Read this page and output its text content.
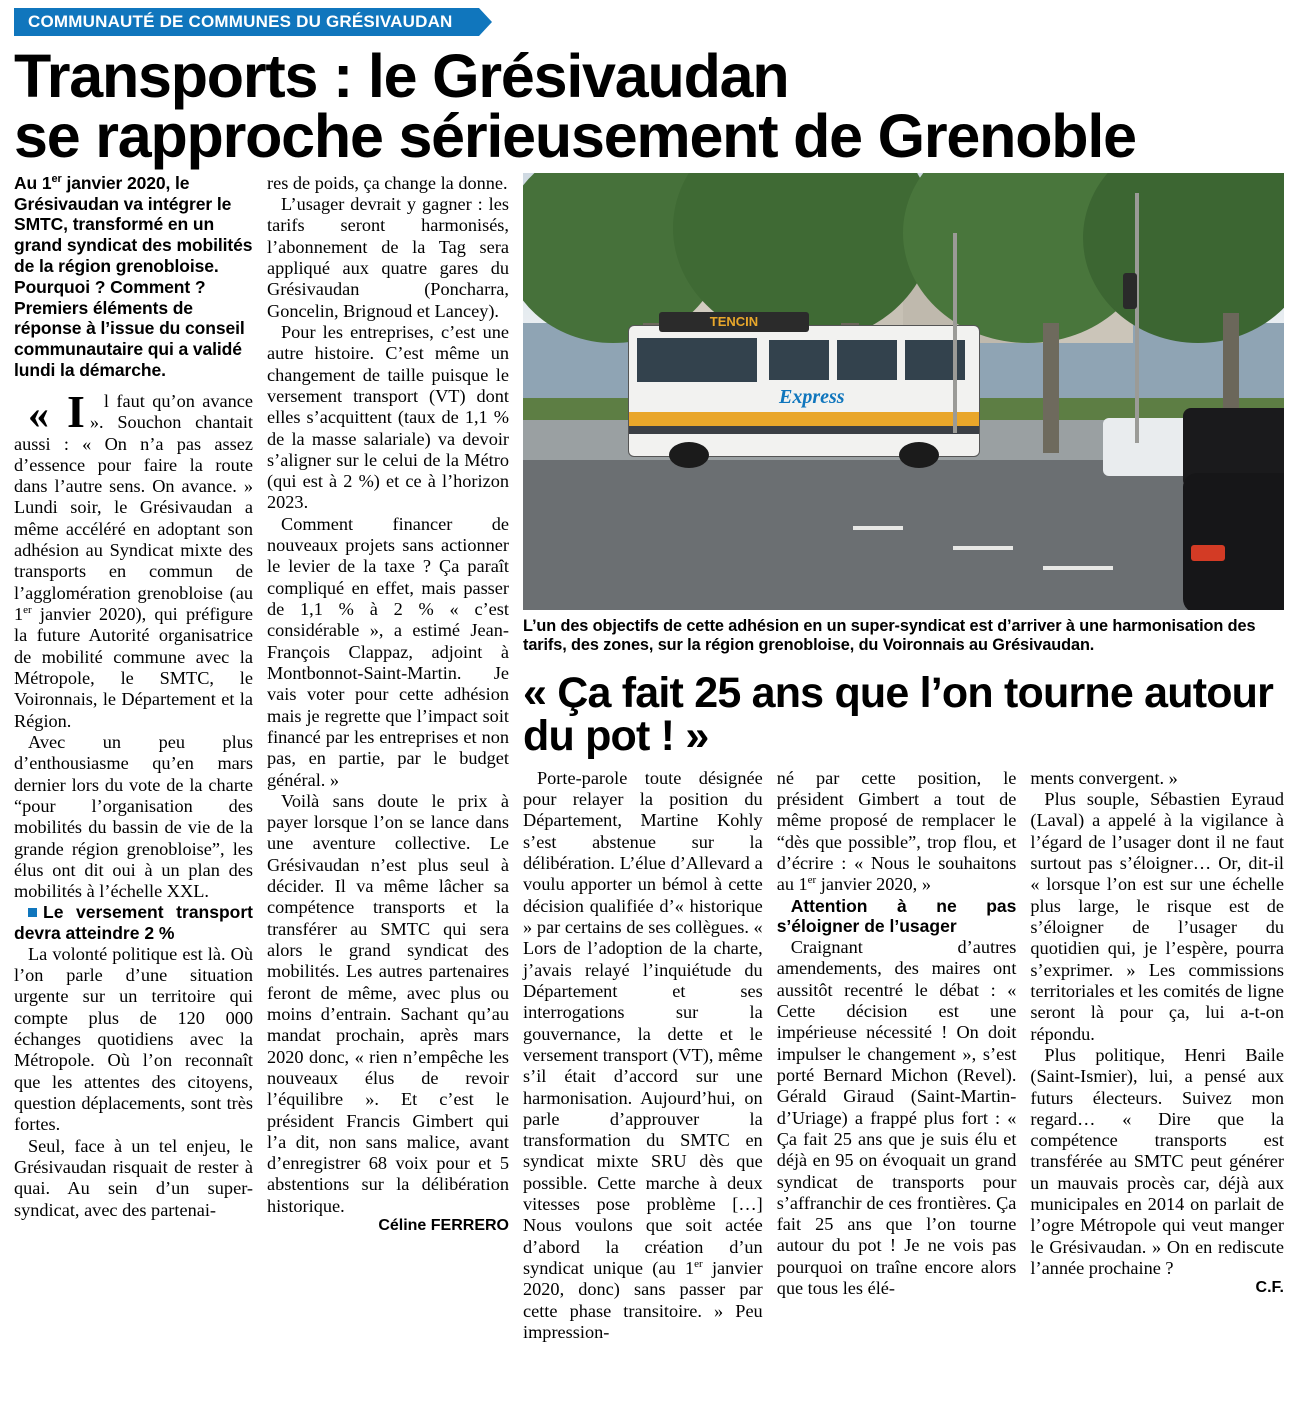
COMMUNAUTÉ DE COMMUNES DU GRÉSIVAUDAN
Transports : le Grésivaudan
se rapproche sérieusement de Grenoble
Au 1er janvier 2020, le Grésivaudan va intégrer le SMTC, transformé en un grand syndicat des mobilités de la région grenobloise. Pourquoi ? Comment ? Premiers éléments de réponse à l’issue du conseil communautaire qui a validé lundi la démarche.

« I l faut qu’on avance ». Souchon chantait aussi : « On n’a pas assez d’essence pour faire la route dans l’autre sens. On avance. » Lundi soir, le Grésivaudan a même accéléré en adoptant son adhésion au Syndicat mixte des transports en commun de l’agglomération grenobloise (au 1er janvier 2020), qui préfigure la future Autorité organisatrice de mobilité commune avec la Métropole, le SMTC, le Voironnais, le Département et la Région.

Avec un peu plus d’enthousiasme qu’en mars dernier lors du vote de la charte “pour l’organisation des mobilités du bassin de vie de la grande région grenobloise”, les élus ont dit oui à un plan des mobilités à l’échelle XXL.

Le versement transport devra atteindre 2 %

La volonté politique est là. Où l’on parle d’une situation urgente sur un territoire qui compte plus de 120 000 échanges quotidiens avec la Métropole. Où l’on reconnaît que les attentes des citoyens, question déplacements, sont très fortes.

Seul, face à un tel enjeu, le Grésivaudan risquait de rester à quai. Au sein d’un super-syndicat, avec des partenai-

res de poids, ça change la donne.

L’usager devrait y gagner : les tarifs seront harmonisés, l’abonnement de la Tag sera appliqué aux quatre gares du Grésivaudan (Poncharra, Goncelin, Brignoud et Lancey).

Pour les entreprises, c’est une autre histoire. C’est même un changement de taille puisque le versement transport (VT) dont elles s’acquittent (taux de 1,1 % de la masse salariale) va devoir s’aligner sur le celui de la Métro (qui est à 2 %) et ce à l’horizon 2023.

Comment financer de nouveaux projets sans actionner le levier de la taxe ? Ça paraît compliqué en effet, mais passer de 1,1 % à 2 % « c’est considérable », a estimé Jean-François Clappaz, adjoint à Montbonnot-Saint-Martin. Je vais voter pour cette adhésion mais je regrette que l’impact soit financé par les entreprises et non pas, en partie, par le budget général. »

Voilà sans doute le prix à payer lorsque l’on se lance dans une aventure collective. Le Grésivaudan n’est plus seul à décider. Il va même lâcher sa compétence transports et la transférer au SMTC qui sera alors le grand syndicat des mobilités. Les autres partenaires feront de même, avec plus ou moins d’entrain. Sachant qu’au mandat prochain, après mars 2020 donc, « rien n’empêche les nouveaux élus de revoir l’équilibre ». Et c’est le président Francis Gimbert qui l’a dit, non sans malice, avant d’enregistrer 68 voix pour et 5 abstentions sur la délibération historique.

Céline FERRERO

TENCIN
Express
L’un des objectifs de cette adhésion en un super-syndicat est d’arriver à une harmonisation des tarifs, des zones, sur la région grenobloise, du Voironnais au Grésivaudan.
« Ça fait 25 ans que l’on tourne autour du pot ! »

Porte-parole toute désignée pour relayer la position du Département, Martine Kohly s’est abstenue sur la délibération. L’élue d’Allevard a voulu apporter un bémol à cette décision qualifiée d’« historique » par certains de ses collègues. « Lors de l’adoption de la charte, j’avais relayé l’inquiétude du Département et ses interrogations sur la gouvernance, la dette et le versement transport (VT), même s’il était d’accord sur une harmonisation. Aujourd’hui, on parle d’approuver la transformation du SMTC en syndicat mixte SRU dès que possible. Cette marche à deux vitesses pose problème […] Nous voulons que soit actée d’abord la création d’un syndicat unique (au 1er janvier 2020, donc) sans passer par cette phase transitoire. » Peu impression-

né par cette position, le président Gimbert a tout de même proposé de remplacer le “dès que possible”, trop flou, et d’écrire : « Nous le souhaitons au 1er janvier 2020, »

Attention à ne pas s’éloigner de l’usager

Craignant d’autres amendements, des maires ont aussitôt recentré le débat : « Cette décision est une impérieuse nécessité ! On doit impulser le changement », s’est porté Bernard Michon (Revel). Gérald Giraud (Saint-Martin-d’Uriage) a frappé plus fort : « Ça fait 25 ans que je suis élu et déjà en 95 on évoquait un grand syndicat de transports pour s’affranchir de ces frontières. Ça fait 25 ans que l’on tourne autour du pot ! Je ne vois pas pourquoi on traîne encore alors que tous les élé-

ments convergent. »

Plus souple, Sébastien Eyraud (Laval) a appelé à la vigilance à l’égard de l’usager dont il ne faut surtout pas s’éloigner… Or, dit-il « lorsque l’on est sur une échelle plus large, le risque est de s’éloigner de l’usager du quotidien qui, je l’espère, pourra s’exprimer. » Les commissions territoriales et les comités de ligne seront là pour ça, lui a-t-on répondu.

Plus politique, Henri Baile (Saint-Ismier), lui, a pensé aux futurs électeurs. Suivez mon regard… « Dire que la compétence transports est transférée au SMTC peut générer un mauvais procès car, déjà aux municipales en 2014 on parlait de l’ogre Métropole qui veut manger le Grésivaudan. » On en rediscute l’année prochaine ?

C.F.
